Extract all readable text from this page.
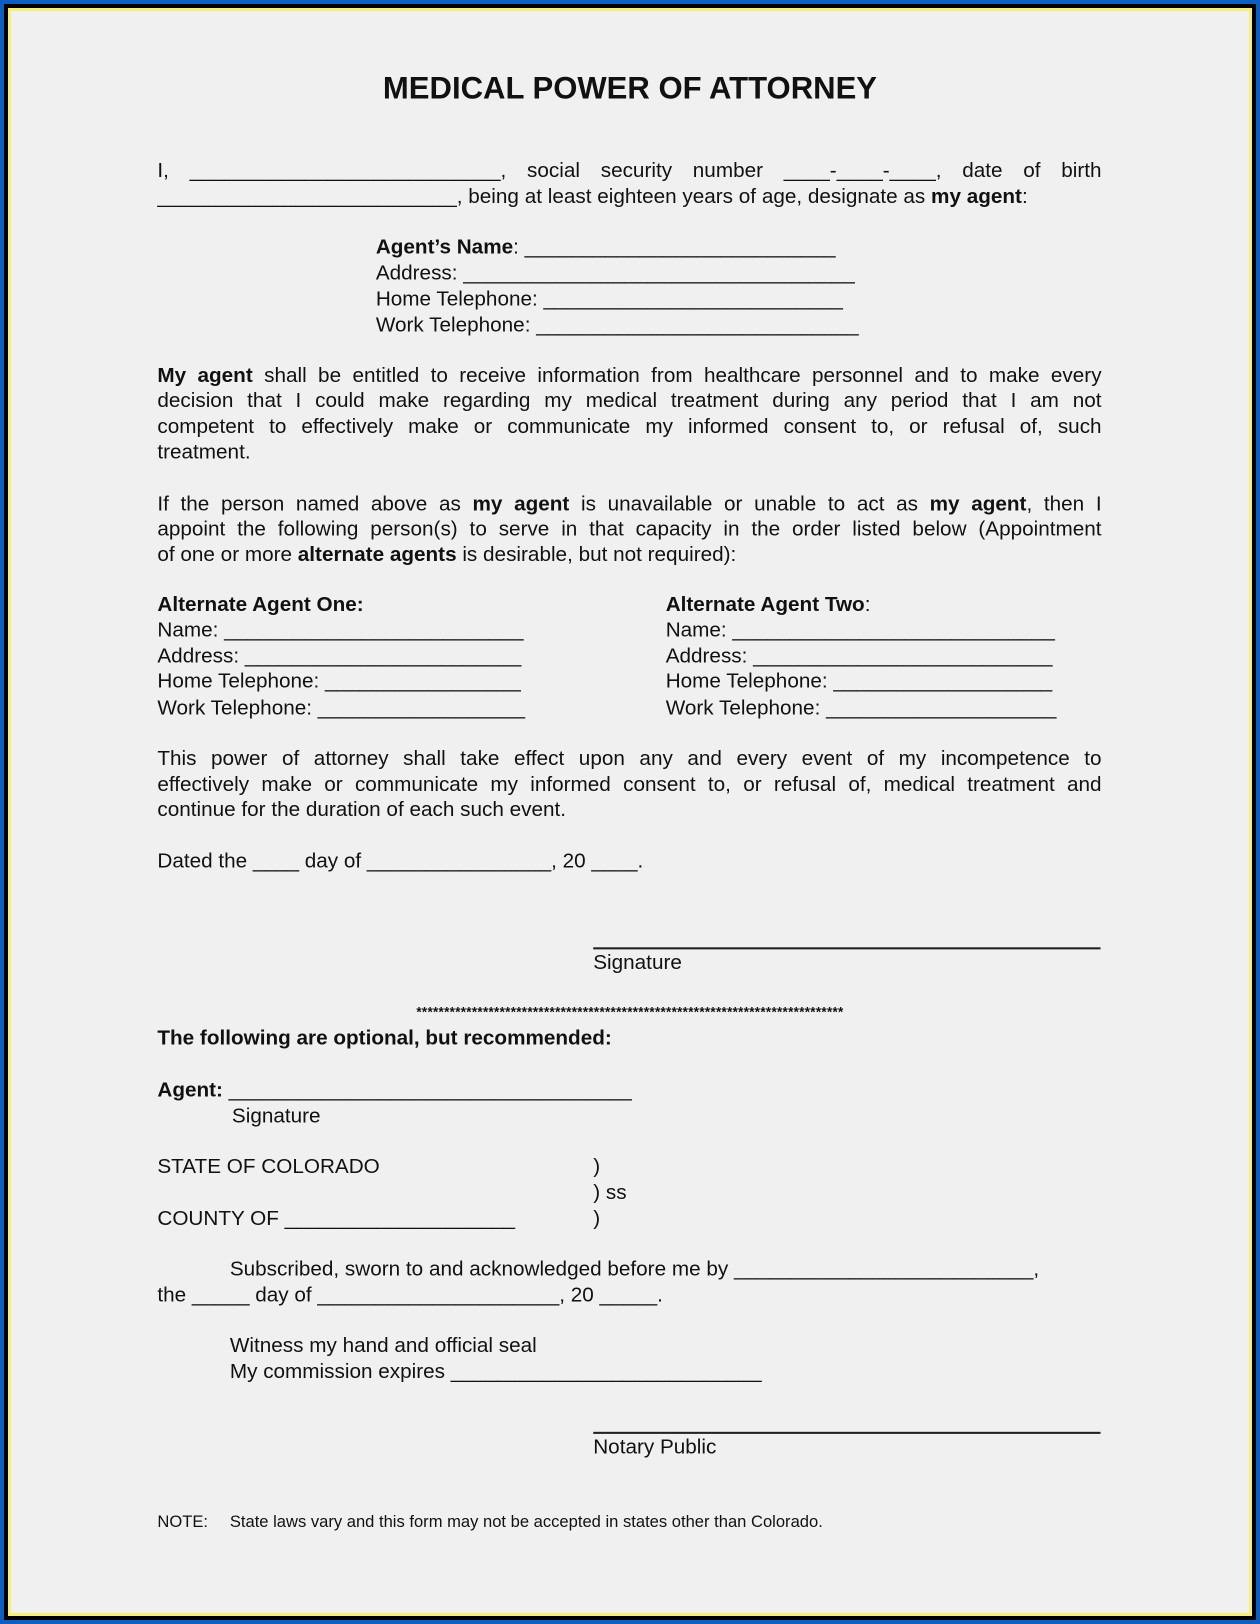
MEDICAL POWER OF ATTORNEY
I, ___________________________, social security number ____-____-____, date of birth
__________________________, being at least eighteen years of age, designate as my agent:
Agent’s Name: ___________________________
Address: __________________________________
Home Telephone: __________________________
Work Telephone: ____________________________
My agent shall be entitled to receive information from healthcare personnel and to make every
decision that I could make regarding my medical treatment during any period that I am not
competent to effectively make or communicate my informed consent to, or refusal of, such
treatment.
If the person named above as my agent is unavailable or unable to act as my agent, then I
appoint the following person(s) to serve in that capacity in the order listed below (Appointment
of one or more alternate agents is desirable, but not required):
Alternate Agent One:
Name: __________________________
Address: ________________________
Home Telephone: _________________
Work Telephone: __________________
Alternate Agent Two:
Name: ____________________________
Address: __________________________
Home Telephone: ___________________
Work Telephone: ____________________
This power of attorney shall take effect upon any and every event of my incompetence to
effectively make or communicate my informed consent to, or refusal of, medical treatment and
continue for the duration of each such event.
Dated the ____ day of ________________, 20 ____.
Signature
*****************************************************************************
The following are optional, but recommended:
Agent: ___________________________________
Signature
STATE OF COLORADO	)
) ss
)
COUNTY OF ____________________
Subscribed, sworn to and acknowledged before me by __________________________,
the _____ day of _____________________, 20 _____.
Witness my hand and official seal
My commission expires ___________________________
Notary Public
NOTE: State laws vary and this form may not be accepted in states other than Colorado.
